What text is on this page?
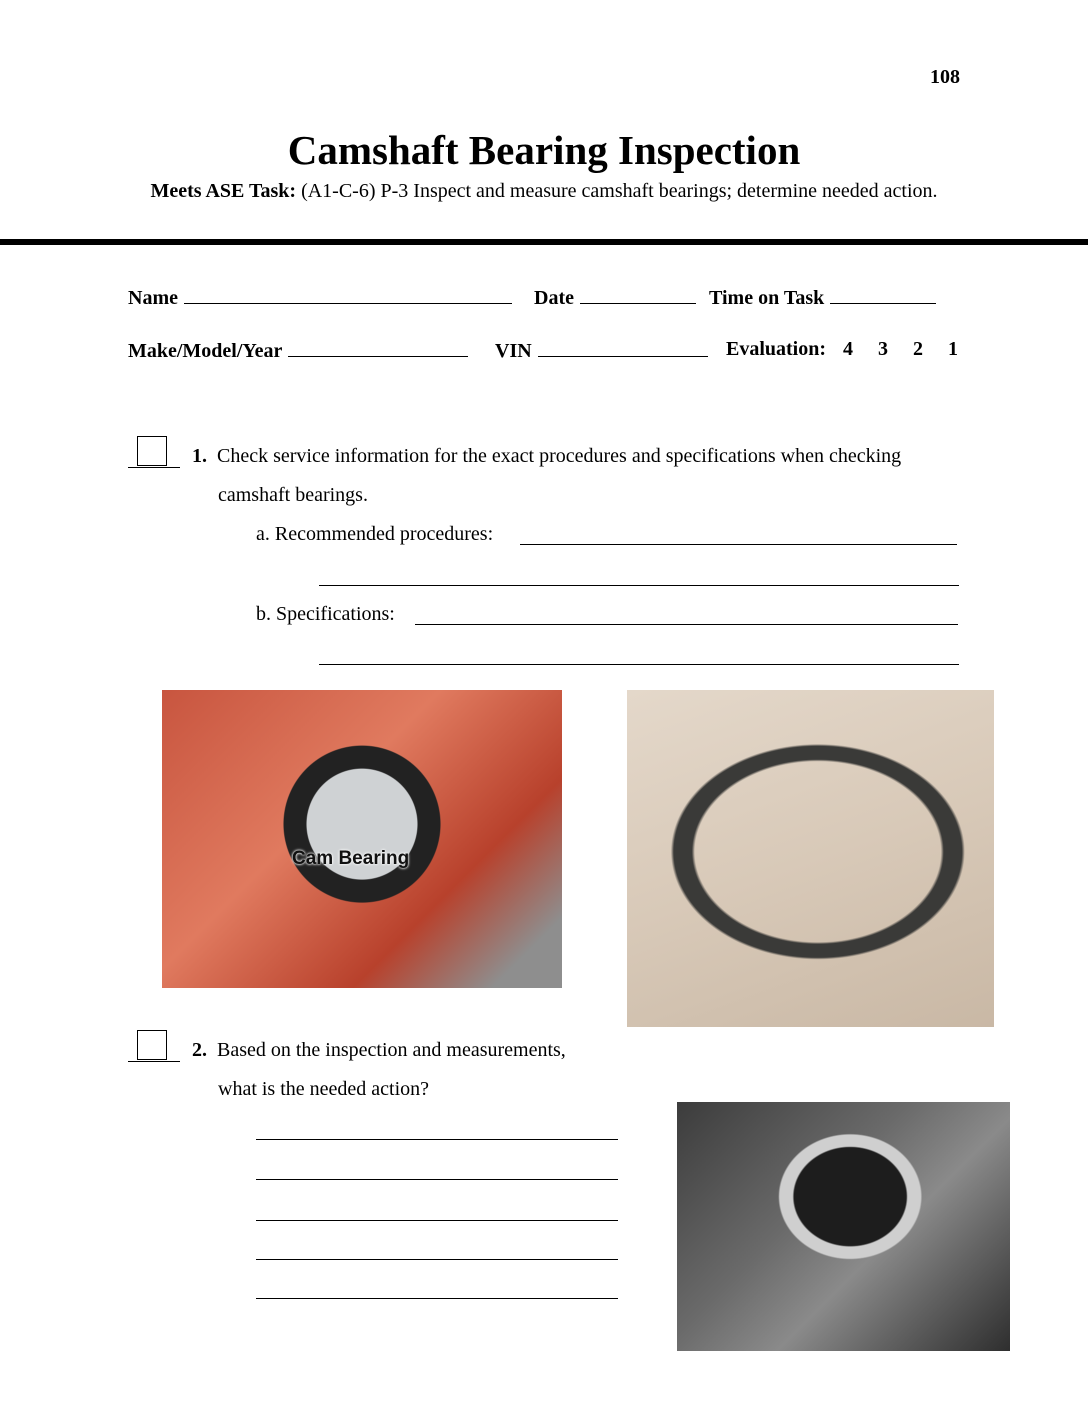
108
Camshaft Bearing Inspection
Meets ASE Task: (A1-C-6) P-3 Inspect and measure camshaft bearings; determine needed action.
Name	Date	Time on Task
Make/Model/Year	VIN	Evaluation: 4 3 2 1
1. Check service information for the exact procedures and specifications when checking
camshaft bearings.
a. Recommended procedures:
b. Specifications:
Cam Bearing
2. Based on the inspection and measurements,
what is the needed action?
